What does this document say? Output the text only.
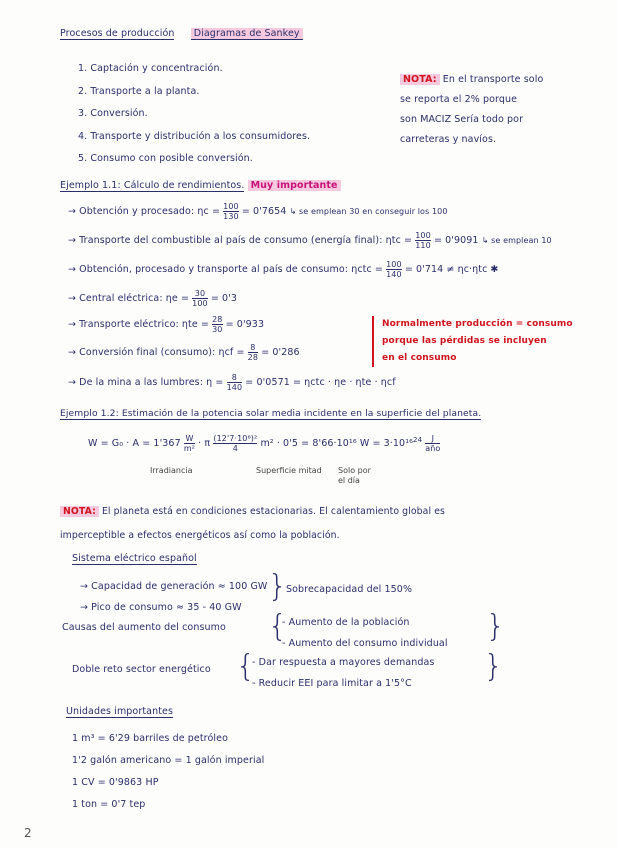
Procesos de producción Diagramas de Sankey
1. Captación y concentración.
2. Transporte a la planta.
3. Conversión.
4. Transporte y distribución a los consumidores.
5. Consumo con posible conversión.
NOTA: En el transporte solo
se reporta el 2% porque
son MACIZ Sería todo por
carreteras y navíos.
Ejemplo 1.1: Cálculo de rendimientos. Muy importante
→ Obtención y procesado: $\eta c = \frac{100}{130} = 0'7654$ ↳ se emplean 30 en conseguir los 100
→ Transporte del combustible al país de consumo (energía final): $\eta tc = \frac{100}{110} = 0'9091$ ↳ se emplean 10
→ Obtención, procesado y transporte al país de consumo: $\eta ctc = \frac{100}{140} = 0'714 \ne \eta c\cdot\eta tc$ ✱
→ Central eléctrica: $\eta e = \frac{30}{100} = 0'3$
→ Transporte eléctrico: $\eta te = \frac{28}{30} = 0'933$
→ Conversión final (consumo): $\eta cf = \frac{8}{28} = 0'286$
→ De la mina a las lumbres: $\eta = \frac{8}{140} = 0'0571 = \eta ctc \cdot \eta e \cdot \eta te \cdot \eta cf$
Normalmente producción = consumo
porque las pérdidas se incluyen
en el consumo
Ejemplo 1.2: Estimación de la potencia solar media incidente en la superficie del planeta.
$W = G_0 \cdot A = 1'367 \frac{W}{\text{m²}} \cdot \pi \frac{\text{(12'7·10⁶)²}}{4} m^2 \cdot 0'5 = 8'66\cdot 10^{16}$ $W = 3\cdot 10^{16}^{24} \frac{J}{\text{año}}$
Irradiancia	Superficie mitad Solo por el día
NOTA: El planeta está en condiciones estacionarias. El calentamiento global es
imperceptible a efectos energéticos así como la población.
Sistema eléctrico español
→ Capacidad de generación ≈ 100 GW
→ Pico de consumo ≈ 35 - 40 GW
}
Sobrecapacidad del 150%
Causas del aumento del consumo {
- Aumento de la población
- Aumento del consumo individual }
Doble reto sector energético {
- Dar respuesta a mayores demandas
- Reducir EEI para limitar a 1'5°C	}
Unidades importantes
1 m³ = 6'29 barriles de petróleo
1'2 galón americano = 1 galón imperial
1 CV = 0'9863 HP
1 ton = 0'7 tep
2
